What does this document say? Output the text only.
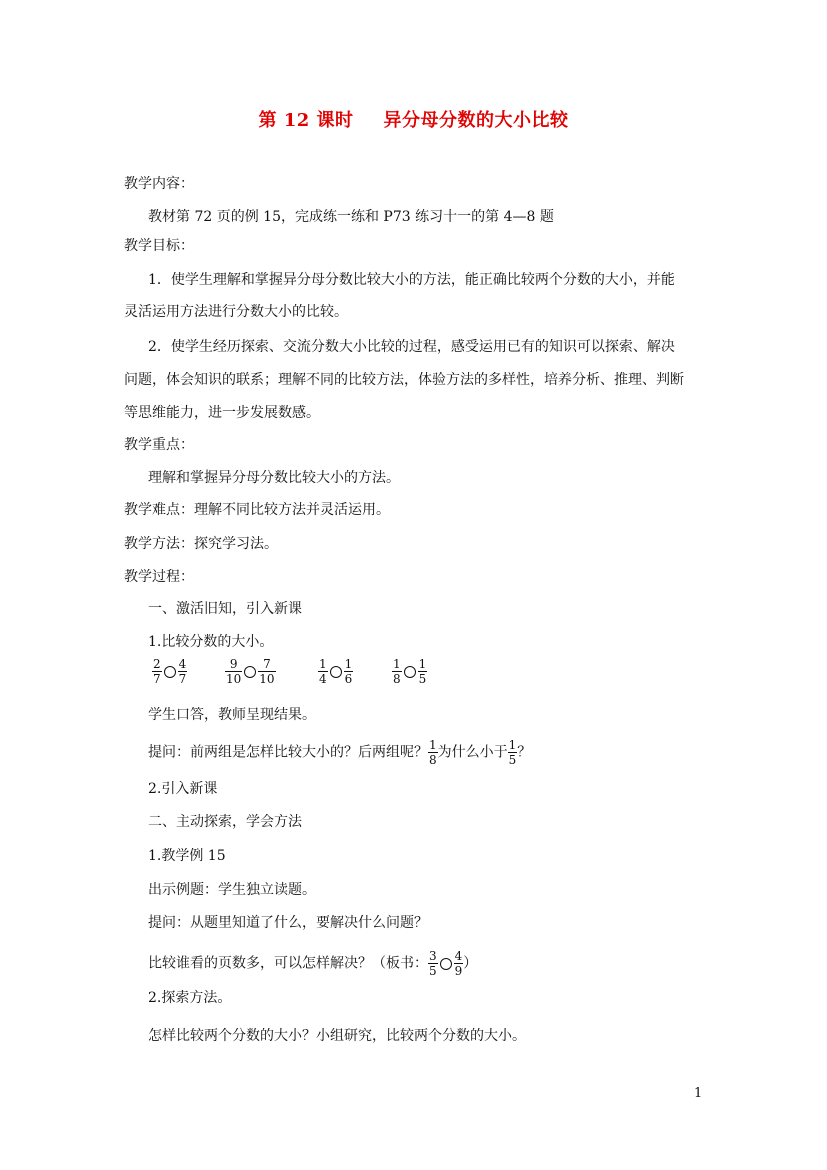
第 12 课时 异分母分数的大小比较
教学内容：
教材第 72 页的例 15，完成练一练和 P73 练习十一的第 4—8 题
教学目标：
1．使学生理解和掌握异分母分数比较大小的方法，能正确比较两个分数的大小，并能
灵活运用方法进行分数大小的比较。
2．使学生经历探索、交流分数大小比较的过程，感受运用已有的知识可以探索、解决
问题，体会知识的联系；理解不同的比较方法，体验方法的多样性，培养分析、推理、判断
等思维能力，进一步发展数感。
教学重点：
理解和掌握异分母分数比较大小的方法。
教学难点：理解不同比较方法并灵活运用。
教学方法：探究学习法。
教学过程：
一、激活旧知，引入新课
1.比较分数的大小。
$\frac{2}{7} \frac{4}{7}$	$\frac{9}{10} \frac{7}{10}$	$\frac{1}{4} \frac{1}{6}$	$\frac{1}{8} \frac{1}{5}$
学生口答，教师呈现结果。
提问：前两组是怎样比较大小的？后两组呢？ $\frac{1}{8}$ 为什么小于 $\frac{1}{5}$ ？
2.引入新课
二、主动探索，学会方法
1.教学例 15
出示例题：学生独立读题。
提问：从题里知道了什么，要解决什么问题？
比较谁看的页数多，可以怎样解决？（板书： $\frac{3}{5} \frac{4}{9}$ ）
2.探索方法。
怎样比较两个分数的大小？小组研究，比较两个分数的大小。
1
